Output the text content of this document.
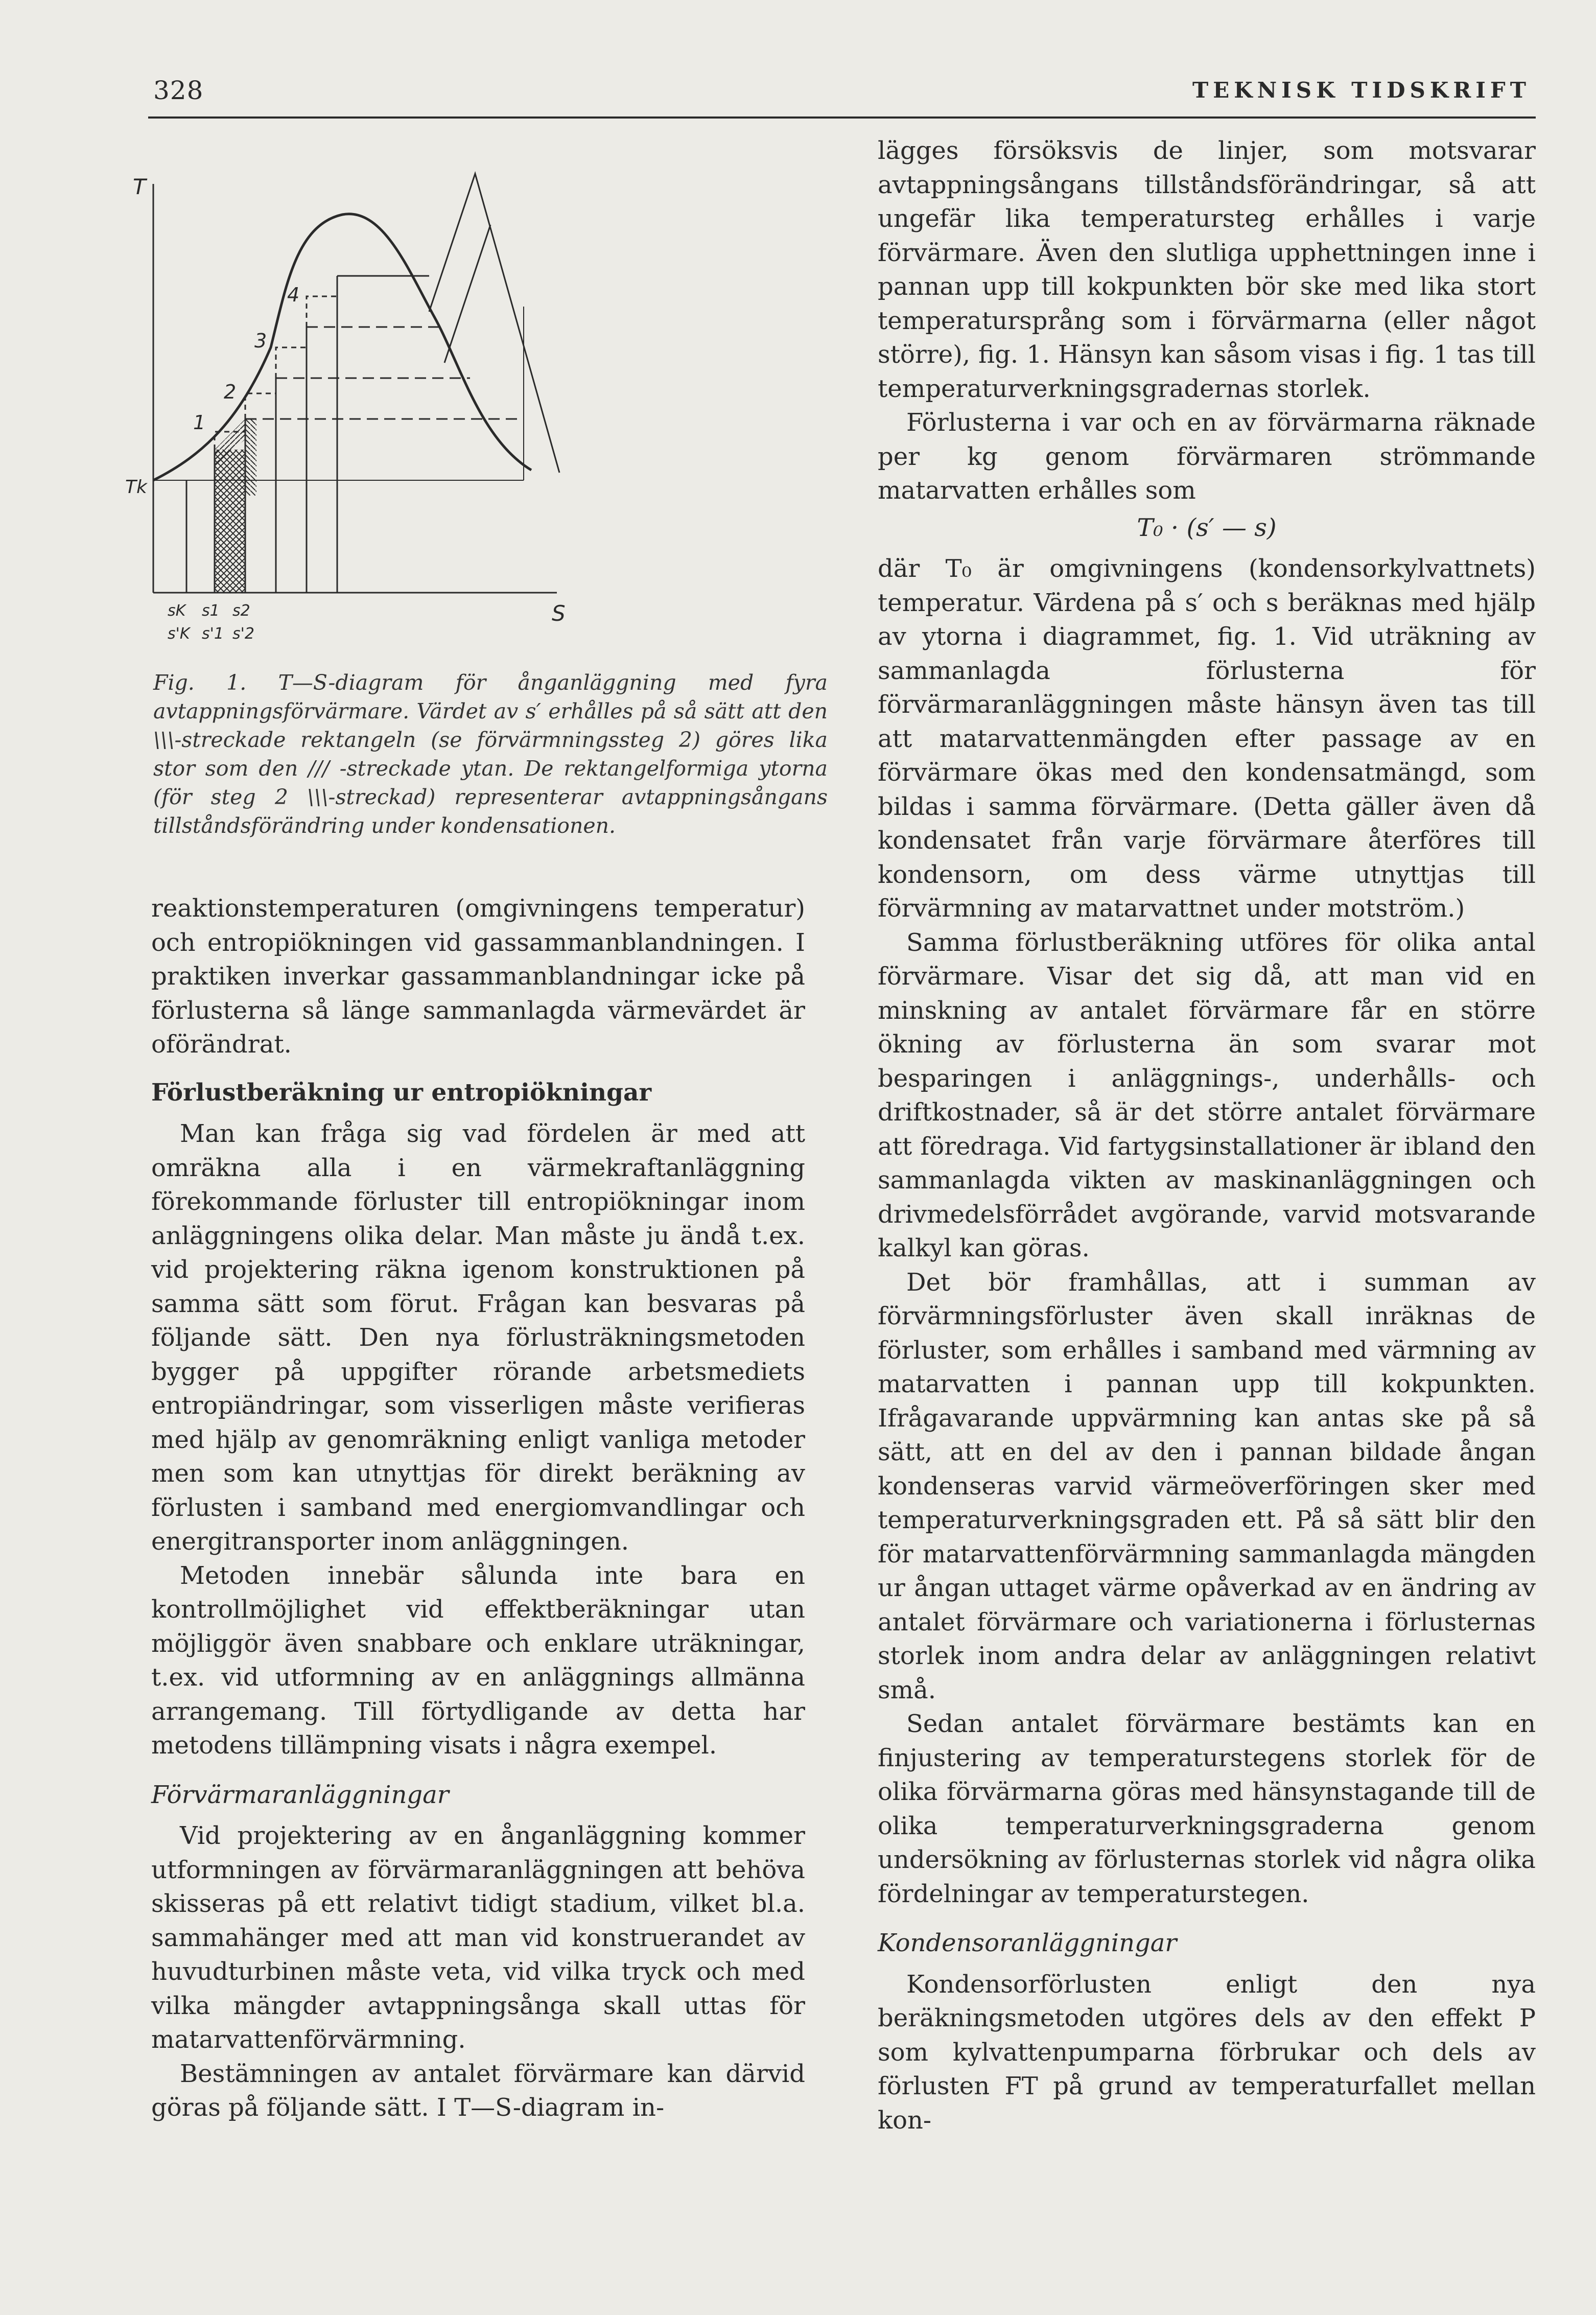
328	TEKNISK TIDSKRIFT
T
Tk
S
1
2
3
4
sK s1 s2
s'K s'1 s'2
Fig. 1. T—S-diagram för ånganläggning med fyra avtappningsförvärmare. Värdet av s′ erhålles på så sätt att den \\\-streckade rektangeln (se förvärmningssteg 2) göres lika stor som den /// -streckade ytan. De rektangelformiga ytorna (för steg 2 \\\-streckad) representerar avtappningsångans tillståndsförändring under kondensationen.

reaktionstemperaturen (omgivningens temperatur) och entropiökningen vid gassammanblandningen. I praktiken inverkar gassammanblandningar icke på förlusterna så länge sammanlagda värmevärdet är oförändrat.

Förlustberäkning ur entropiökningar

Man kan fråga sig vad fördelen är med att omräkna alla i en värmekraftanläggning förekommande förluster till entropiökningar inom anläggningens olika delar. Man måste ju ändå t.ex. vid projektering räkna igenom konstruktionen på samma sätt som förut. Frågan kan besvaras på följande sätt. Den nya förlusträkningsmetoden bygger på uppgifter rörande arbetsmediets entropiändringar, som visserligen måste verifieras med hjälp av genomräkning enligt vanliga metoder men som kan utnyttjas för direkt beräkning av förlusten i samband med energiomvandlingar och energitransporter inom anläggningen.

Metoden innebär sålunda inte bara en kontrollmöjlighet vid effektberäkningar utan möjliggör även snabbare och enklare uträkningar, t.ex. vid utformning av en anläggnings allmänna arrangemang. Till förtydligande av detta har metodens tillämpning visats i några exempel.

Förvärmaranläggningar

Vid projektering av en ånganläggning kommer utformningen av förvärmaranläggningen att behöva skisseras på ett relativt tidigt stadium, vilket bl.a. sammahänger med att man vid konstruerandet av huvudturbinen måste veta, vid vilka tryck och med vilka mängder avtappningsånga skall uttas för matarvattenförvärmning.

Bestämningen av antalet förvärmare kan därvid göras på följande sätt. I T—S-diagram in-

lägges försöksvis de linjer, som motsvarar avtappningsångans tillståndsförändringar, så att ungefär lika temperatursteg erhålles i varje förvärmare. Även den slutliga upphettningen inne i pannan upp till kokpunkten bör ske med lika stort temperatursprång som i förvärmarna (eller något större), fig. 1. Hänsyn kan såsom visas i fig. 1 tas till temperaturverkningsgradernas storlek.

Förlusterna i var och en av förvärmarna räknade per kg genom förvärmaren strömmande matarvatten erhålles som

T₀ · (s′ — s)

där T₀ är omgivningens (kondensorkylvattnets) temperatur. Värdena på s′ och s beräknas med hjälp av ytorna i diagrammet, fig. 1. Vid uträkning av sammanlagda förlusterna för förvärmaranläggningen måste hänsyn även tas till att matarvattenmängden efter passage av en förvärmare ökas med den kondensatmängd, som bildas i samma förvärmare. (Detta gäller även då kondensatet från varje förvärmare återföres till kondensorn, om dess värme utnyttjas till förvärmning av matarvattnet under motström.)

Samma förlustberäkning utföres för olika antal förvärmare. Visar det sig då, att man vid en minskning av antalet förvärmare får en större ökning av förlusterna än som svarar mot besparingen i anläggnings-, underhålls- och driftkostnader, så är det större antalet förvärmare att föredraga. Vid fartygsinstallationer är ibland den sammanlagda vikten av maskinanläggningen och drivmedelsförrådet avgörande, varvid motsvarande kalkyl kan göras.

Det bör framhållas, att i summan av förvärmningsförluster även skall inräknas de förluster, som erhålles i samband med värmning av matarvatten i pannan upp till kokpunkten. Ifrågavarande uppvärmning kan antas ske på så sätt, att en del av den i pannan bildade ångan kondenseras varvid värmeöverföringen sker med temperaturverkningsgraden ett. På så sätt blir den för matarvattenförvärmning sammanlagda mängden ur ångan uttaget värme opåverkad av en ändring av antalet förvärmare och variationerna i förlusternas storlek inom andra delar av anläggningen relativt små.

Sedan antalet förvärmare bestämts kan en finjustering av temperaturstegens storlek för de olika förvärmarna göras med hänsynstagande till de olika temperaturverkningsgraderna genom undersökning av förlusternas storlek vid några olika fördelningar av temperaturstegen.

Kondensoranläggningar

Kondensorförlusten enligt den nya beräkningsmetoden utgöres dels av den effekt P som kylvattenpumparna förbrukar och dels av förlusten FT på grund av temperaturfallet mellan kon-
